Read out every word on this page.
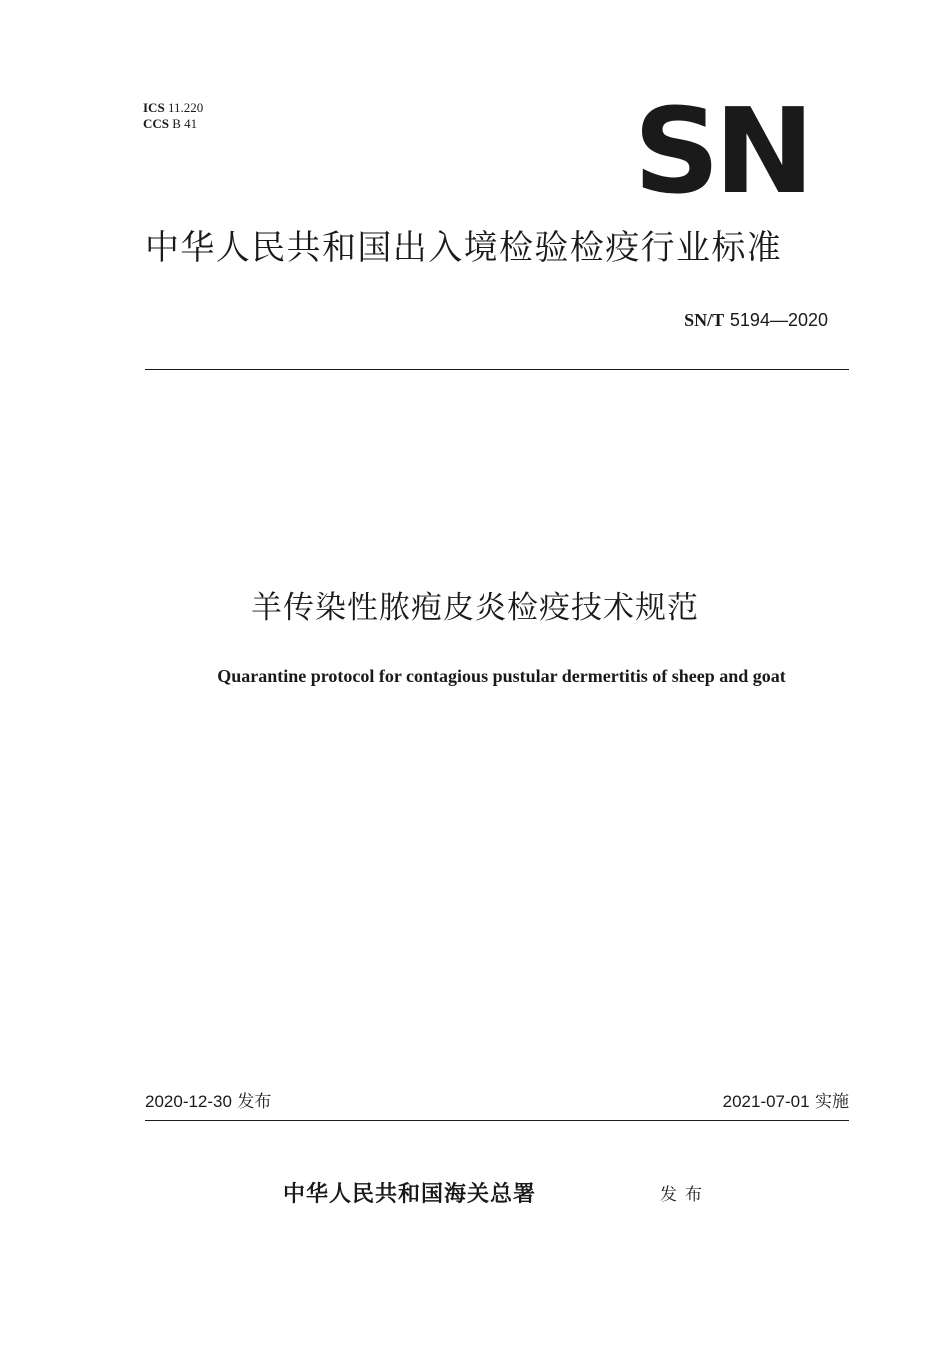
ICS 11.220
CCS B 41	SN
中华人民共和国出入境检验检疫行业标准
SN/T 5194—2020
羊传染性脓疱皮炎检疫技术规范
Quarantine protocol for contagious pustular dermertitis of sheep and goat
2020-12-30 发布	2021-07-01 实施
中华人民共和国海关总署	发布
